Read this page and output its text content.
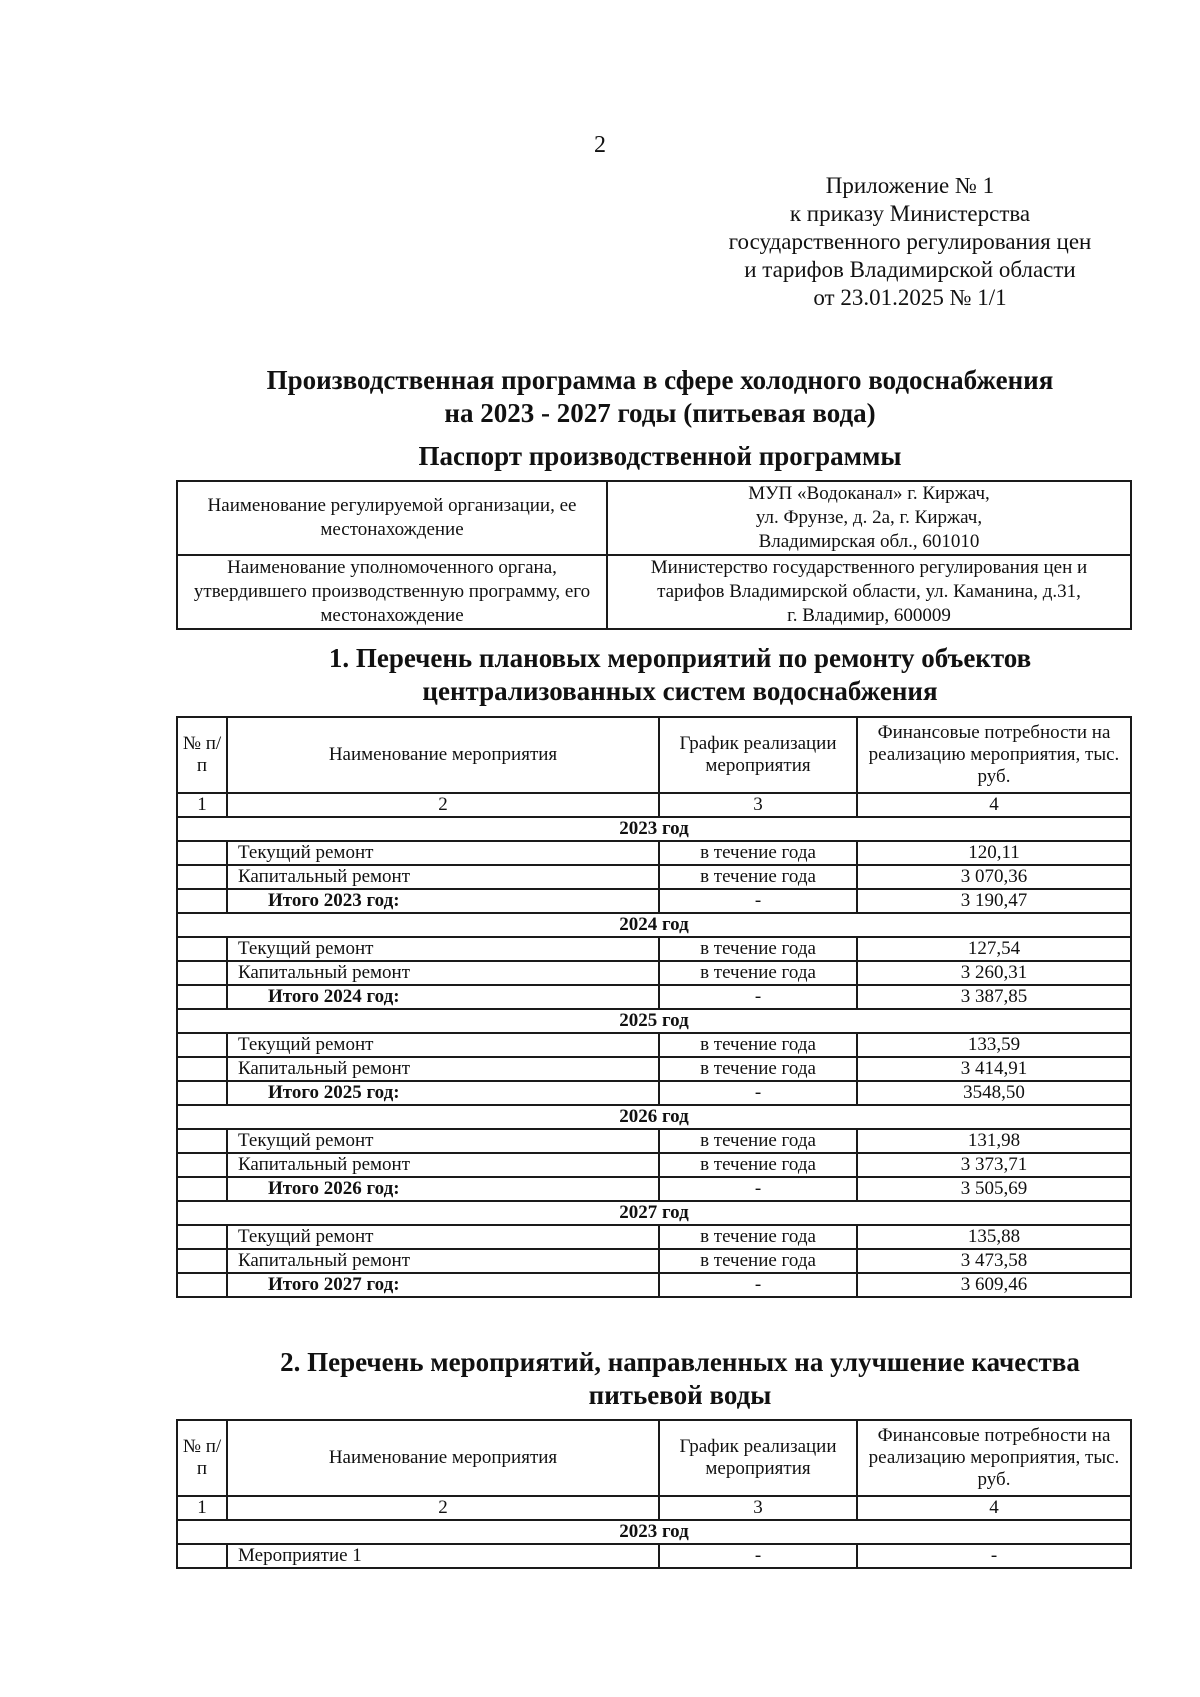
2
Приложение № 1
к приказу Министерства
государственного регулирования цен
и тарифов Владимирской области
от 23.01.2025 № 1/1
Производственная программа в сфере холодного водоснабжения
на 2023 - 2027 годы (питьевая вода)
Паспорт производственной программы
Наименование регулируемой организации, ее местонахождение	МУП «Водоканал» г. Киржач,
ул. Фрунзе, д. 2а, г. Киржач,
Владимирская обл., 601010

Наименование уполномоченного органа, утвердившего производственную программу, его местонахождение	Министерство государственного регулирования цен и
тарифов Владимирской области, ул. Каманина, д.31,
г. Владимир, 600009
1. Перечень плановых мероприятий по ремонту объектов
централизованных систем водоснабжения
№ п/п	Наименование мероприятия	График реализации мероприятия	Финансовые потребности на реализацию мероприятия, тыс. руб.
1	2	3	4
2023 год			
	Текущий ремонт	в течение года	120,11
	Капитальный ремонт	в течение года	3 070,36
	Итого 2023 год:	-	3 190,47
2024 год			
	Текущий ремонт	в течение года	127,54
	Капитальный ремонт	в течение года	3 260,31
	Итого 2024 год:	-	3 387,85
2025 год			
	Текущий ремонт	в течение года	133,59
	Капитальный ремонт	в течение года	3 414,91
	Итого 2025 год:	-	3548,50
2026 год			
	Текущий ремонт	в течение года	131,98
	Капитальный ремонт	в течение года	3 373,71
	Итого 2026 год:	-	3 505,69
2027 год			
	Текущий ремонт	в течение года	135,88
	Капитальный ремонт	в течение года	3 473,58
	Итого 2027 год:	-	3 609,46
2. Перечень мероприятий, направленных на улучшение качества
питьевой воды
№ п/п	Наименование мероприятия	График реализации мероприятия	Финансовые потребности на реализацию мероприятия, тыс. руб.
1	2	3	4
2023 год			
	Мероприятие 1	-	-
